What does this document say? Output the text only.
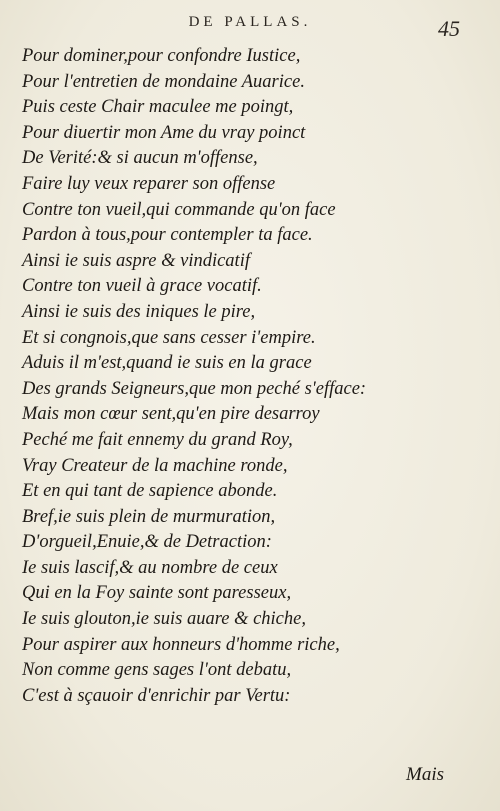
DE PALLAS.	45
Pour dominer,pour confondre Iustice,
Pour l'entretien de mondaine Auarice.
Puis ceste Chair maculee me poingt,
Pour diuertir mon Ame du vray poinct
De Verité:& si aucun m'offense,
Faire luy veux reparer son offense
Contre ton vueil,qui commande qu'on face
Pardon à tous,pour contempler ta face.
Ainsi ie suis aspre & vindicatif
Contre ton vueil à grace vocatif.
Ainsi ie suis des iniques le pire,
Et si congnois,que sans cesser i'empire.
Aduis il m'est,quand ie suis en la grace
Des grands Seigneurs,que mon peché s'efface:
Mais mon cœur sent,qu'en pire desarroy
Peché me fait ennemy du grand Roy,
Vray Createur de la machine ronde,
Et en qui tant de sapience abonde.
Bref,ie suis plein de murmuration,
D'orgueil,Enuie,& de Detraction:
Ie suis lascif,& au nombre de ceux
Qui en la Foy sainte sont paresseux,
Ie suis glouton,ie suis auare & chiche,
Pour aspirer aux honneurs d'homme riche,
Non comme gens sages l'ont debatu,
C'est à sçauoir d'enrichir par Vertu:
Mais
